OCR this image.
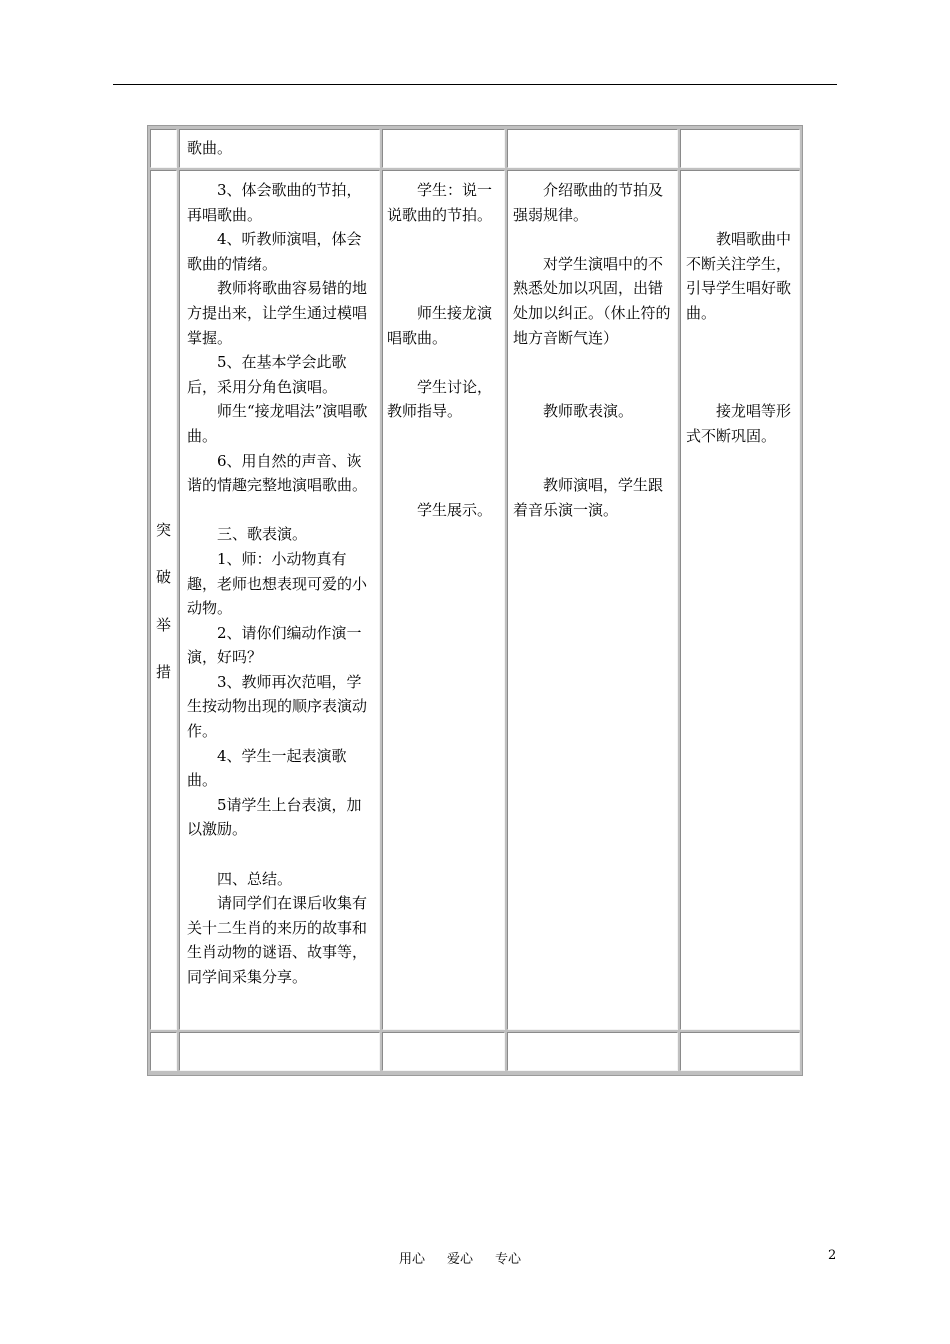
歌曲。

突
破
举
措

3、体会歌曲的节拍，再唱歌曲。

4、听教师演唱，体会歌曲的情绪。

教师将歌曲容易错的地方提出来，让学生通过模唱掌握。

5、在基本学会此歌后，采用分角色演唱。

师生“接龙唱法”演唱歌曲。

6、用自然的声音、诙谐的情趣完整地演唱歌曲。

三、歌表演。

1、师：小动物真有趣，老师也想表现可爱的小动物。

2、请你们编动作演一演，好吗？

3、教师再次范唱，学生按动物出现的顺序表演动作。

4、学生一起表演歌曲。

5请学生上台表演，加以激励。

四、总结。

请同学们在课后收集有关十二生肖的来历的故事和生肖动物的谜语、故事等，同学间采集分享。

学生：说一说歌曲的节拍。

师生接龙演唱歌曲。

学生讨论，教师指导。

学生展示。

介绍歌曲的节拍及强弱规律。

对学生演唱中的不熟悉处加以巩固，出错处加以纠正。（休止符的地方音断气连）

教师歌表演。

教师演唱，学生跟着音乐演一演。

教唱歌曲中不断关注学生，引导学生唱好歌曲。

接龙唱等形式不断巩固。

用心 爱心 专心	2
